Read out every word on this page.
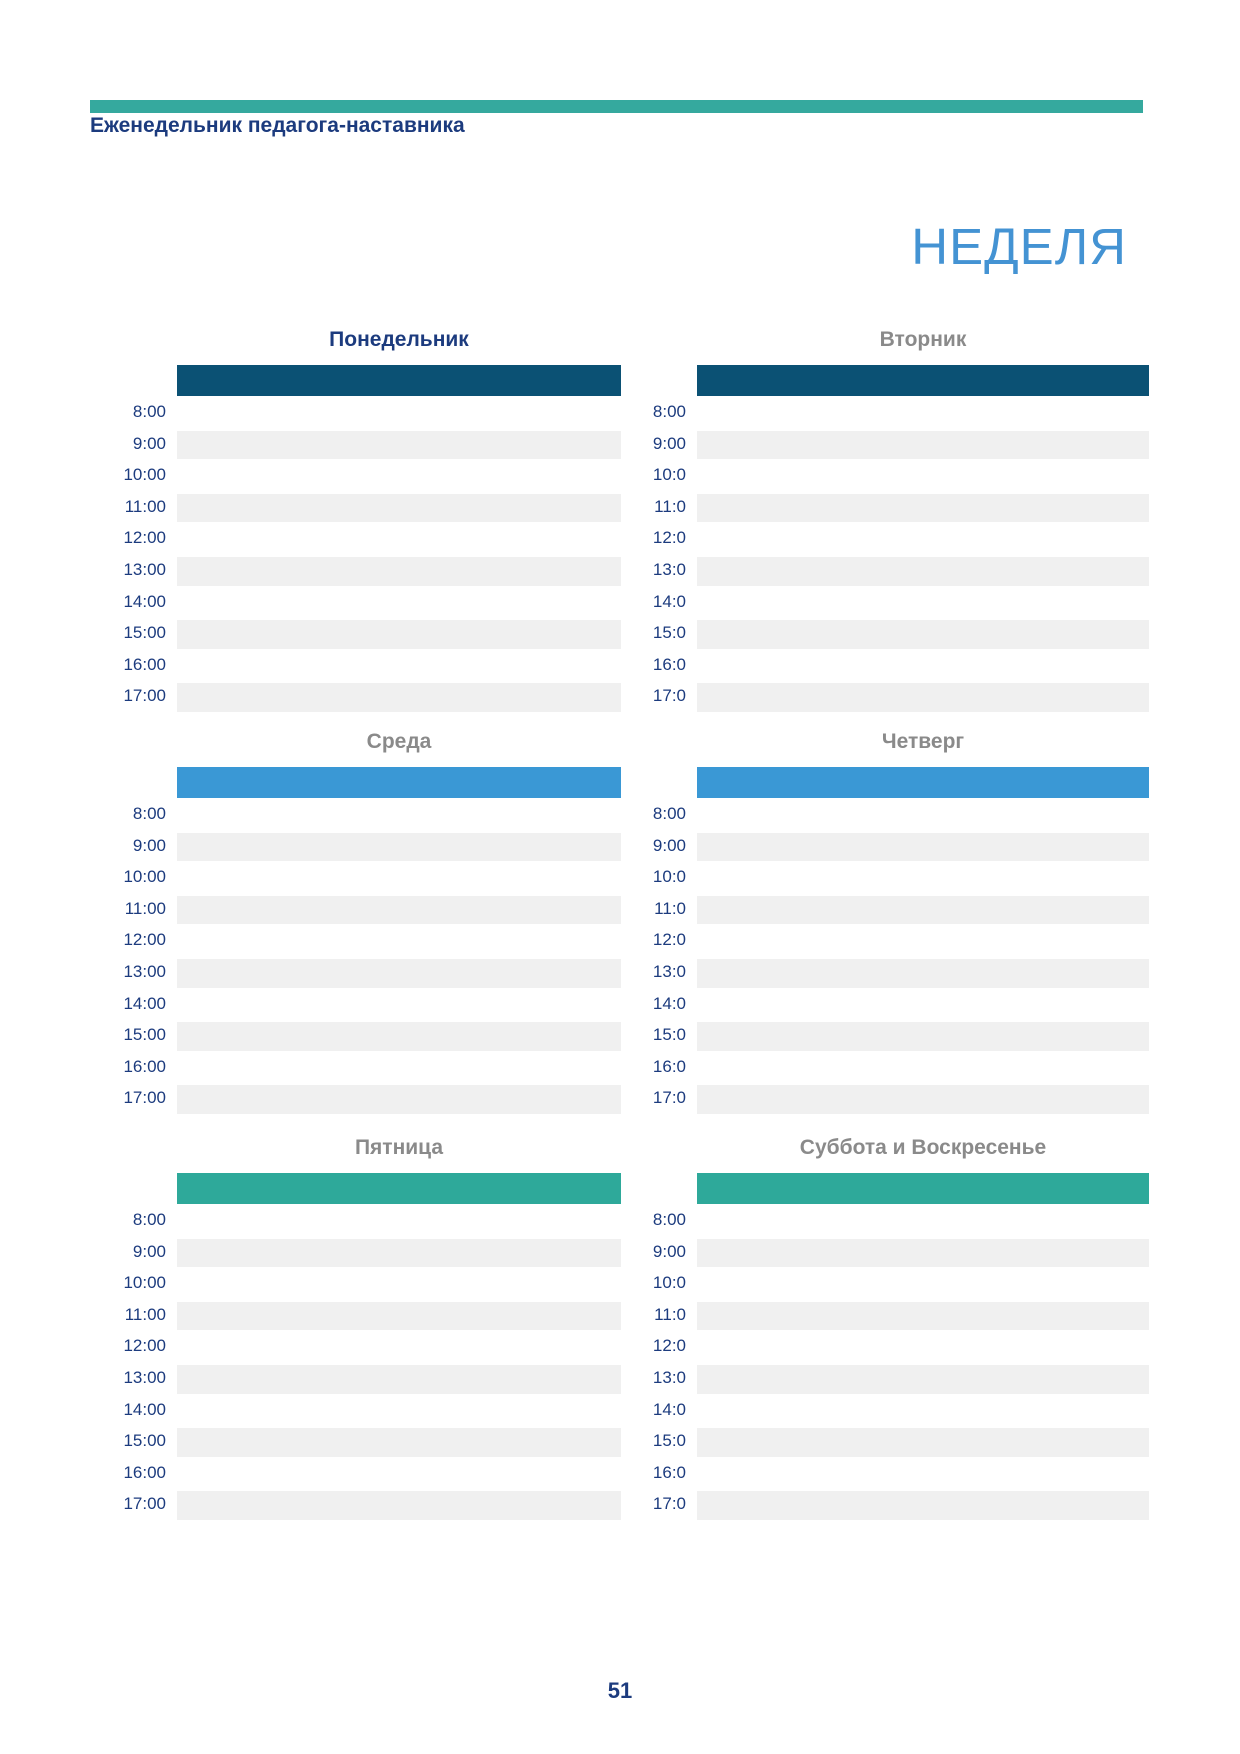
Еженедельник педагога-наставника
НЕДЕЛЯ
Понедельник
8:00
9:00
10:00
11:00
12:00
13:00
14:00
15:00
16:00
17:00
Вторник
8:00
9:00
10:0
11:0
12:0
13:0
14:0
15:0
16:0
17:0
Среда
8:00
9:00
10:00
11:00
12:00
13:00
14:00
15:00
16:00
17:00
Четверг
8:00
9:00
10:0
11:0
12:0
13:0
14:0
15:0
16:0
17:0
Пятница
8:00
9:00
10:00
11:00
12:00
13:00
14:00
15:00
16:00
17:00
Суббота и Воскресенье
8:00
9:00
10:0
11:0
12:0
13:0
14:0
15:0
16:0
17:0
51
